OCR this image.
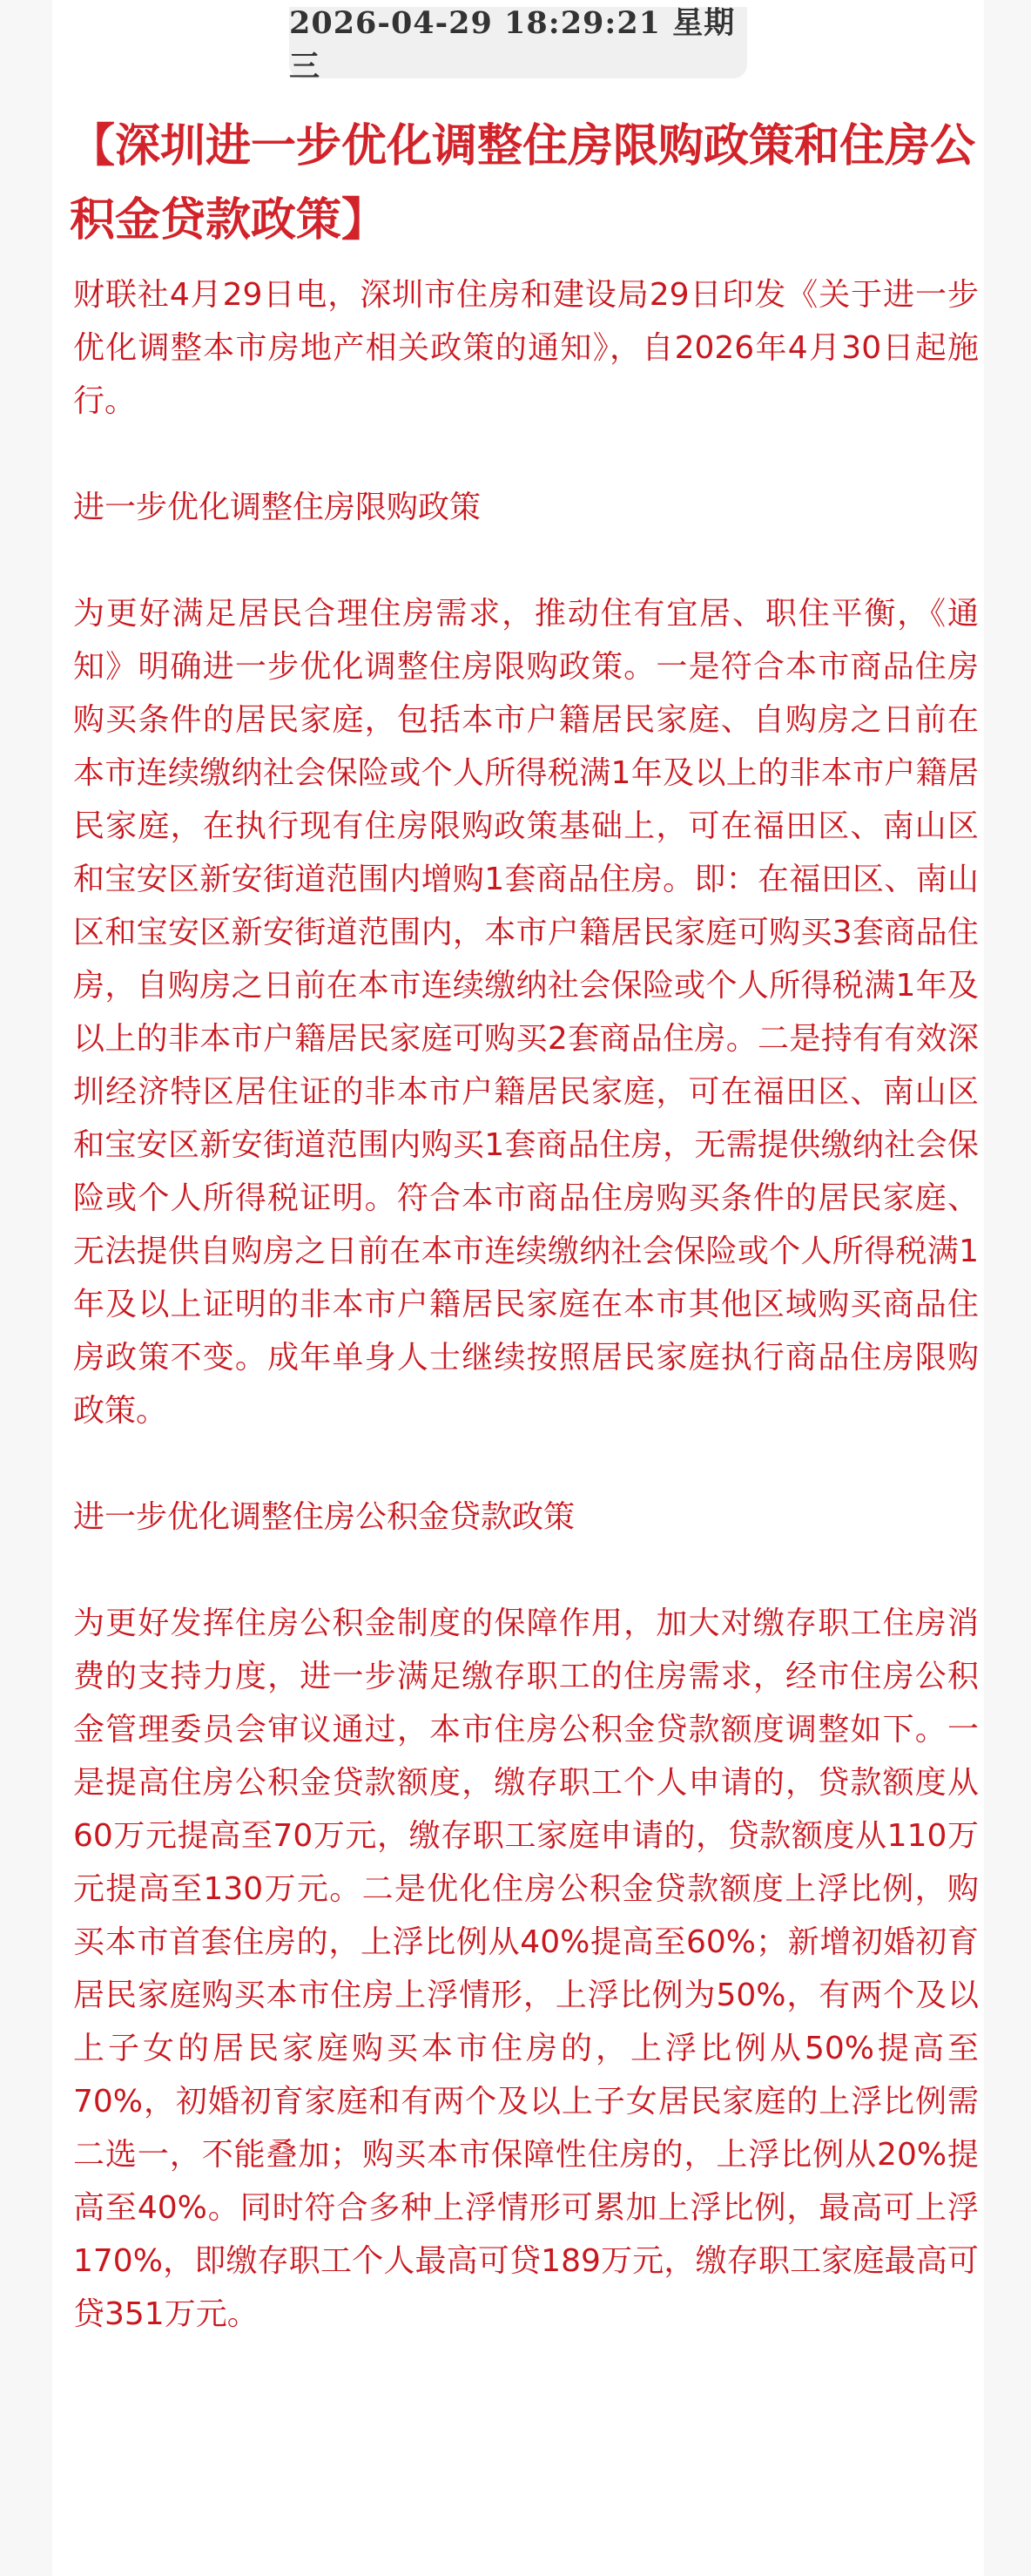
2026-04-29 18:29:21 星期三
【深圳进一步优化调整住房限购政策和住房公积金贷款政策】

财联社4月29日电，深圳市住房和建设局29日印发《关于进一步优化调整本市房地产相关政策的通知》，自2026年4月30日起施行。

进一步优化调整住房限购政策

为更好满足居民合理住房需求，推动住有宜居、职住平衡，《通知》明确进一步优化调整住房限购政策。一是符合本市商品住房购买条件的居民家庭，包括本市户籍居民家庭、自购房之日前在本市连续缴纳社会保险或个人所得税满1年及以上的非本市户籍居民家庭，在执行现有住房限购政策基础上，可在福田区、南山区和宝安区新安街道范围内增购1套商品住房。即：在福田区、南山区和宝安区新安街道范围内，本市户籍居民家庭可购买3套商品住房，自购房之日前在本市连续缴纳社会保险或个人所得税满1年及以上的非本市户籍居民家庭可购买2套商品住房。二是持有有效深圳经济特区居住证的非本市户籍居民家庭，可在福田区、南山区和宝安区新安街道范围内购买1套商品住房，无需提供缴纳社会保险或个人所得税证明。符合本市商品住房购买条件的居民家庭、无法提供自购房之日前在本市连续缴纳社会保险或个人所得税满1年及以上证明的非本市户籍居民家庭在本市其他区域购买商品住房政策不变。成年单身人士继续按照居民家庭执行商品住房限购政策。

进一步优化调整住房公积金贷款政策

为更好发挥住房公积金制度的保障作用，加大对缴存职工住房消费的支持力度，进一步满足缴存职工的住房需求，经市住房公积金管理委员会审议通过，本市住房公积金贷款额度调整如下。一是提高住房公积金贷款额度，缴存职工个人申请的，贷款额度从60万元提高至70万元，缴存职工家庭申请的，贷款额度从110万元提高至130万元。二是优化住房公积金贷款额度上浮比例，购买本市首套住房的，上浮比例从40%提高至60%；新增初婚初育居民家庭购买本市住房上浮情形，上浮比例为50%，有两个及以上子女的居民家庭购买本市住房的，上浮比例从50%提高至70%，初婚初育家庭和有两个及以上子女居民家庭的上浮比例需二选一，不能叠加；购买本市保障性住房的，上浮比例从20%提高至40%。同时符合多种上浮情形可累加上浮比例，最高可上浮170%，即缴存职工个人最高可贷189万元，缴存职工家庭最高可贷351万元。
